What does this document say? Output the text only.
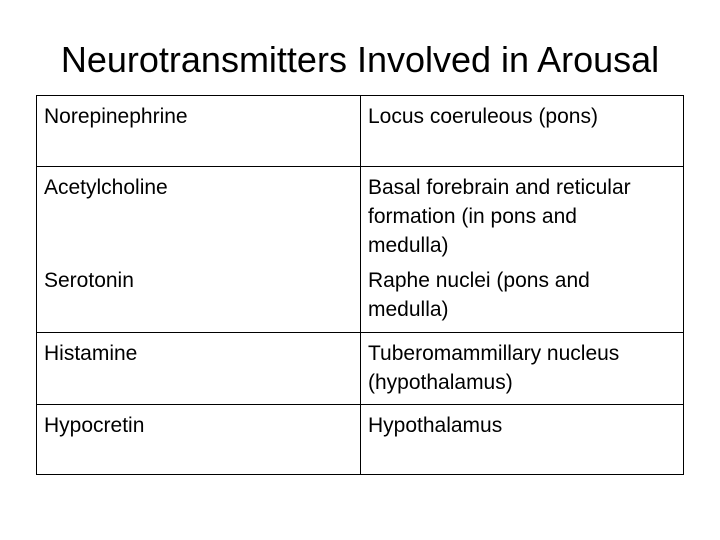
Neurotransmitters Involved in Arousal
Norepinephrine	Locus coeruleous (pons)
Acetylcholine	Basal forebrain and reticular
formation (in pons and
medulla)
Serotonin	Raphe nuclei (pons and
medulla)
Histamine	Tuberomammillary nucleus
(hypothalamus)
Hypocretin	Hypothalamus
